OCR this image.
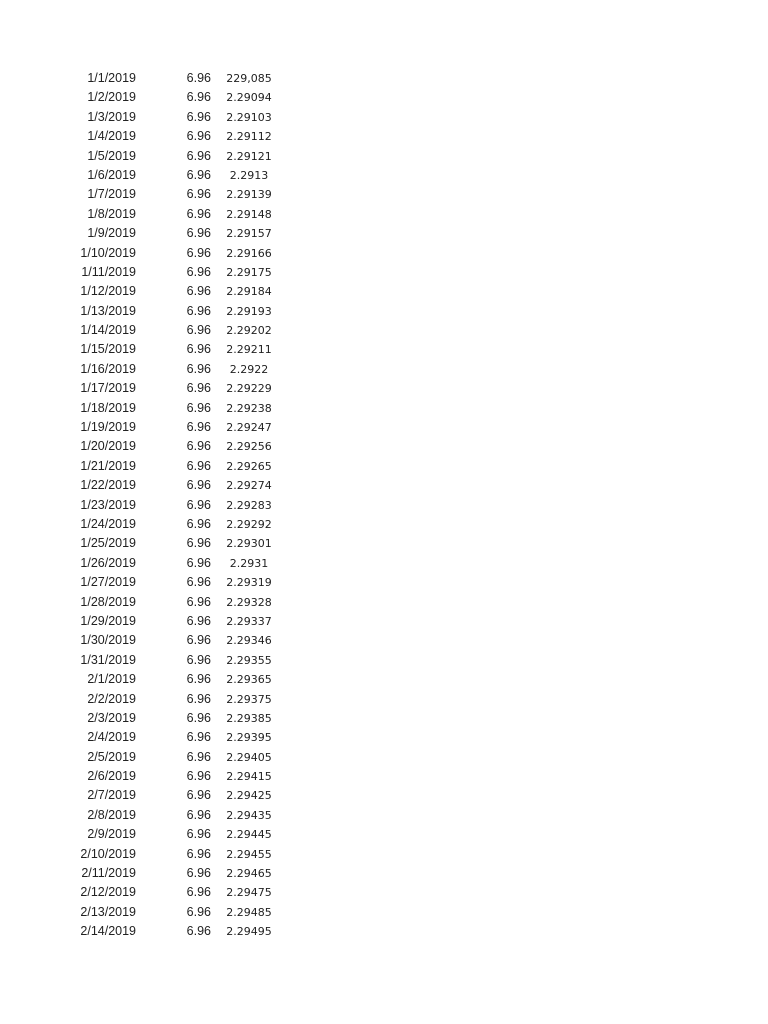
1/1/2019	6.96 229,085
1/2/2019	6.96 2.29094
1/3/2019	6.96 2.29103
1/4/2019	6.96 2.29112
1/5/2019	6.96 2.29121
1/6/2019	6.96 2.2913
1/7/2019	6.96 2.29139
1/8/2019	6.96 2.29148
1/9/2019	6.96 2.29157
1/10/2019	6.96 2.29166
1/11/2019	6.96 2.29175
1/12/2019	6.96 2.29184
1/13/2019	6.96 2.29193
1/14/2019	6.96 2.29202
1/15/2019	6.96 2.29211
1/16/2019	6.96 2.2922
1/17/2019	6.96 2.29229
1/18/2019	6.96 2.29238
1/19/2019	6.96 2.29247
1/20/2019	6.96 2.29256
1/21/2019	6.96 2.29265
1/22/2019	6.96 2.29274
1/23/2019	6.96 2.29283
1/24/2019	6.96 2.29292
1/25/2019	6.96 2.29301
1/26/2019	6.96 2.2931
1/27/2019	6.96 2.29319
1/28/2019	6.96 2.29328
1/29/2019	6.96 2.29337
1/30/2019	6.96 2.29346
1/31/2019	6.96 2.29355
2/1/2019	6.96 2.29365
2/2/2019	6.96 2.29375
2/3/2019	6.96 2.29385
2/4/2019	6.96 2.29395
2/5/2019	6.96 2.29405
2/6/2019	6.96 2.29415
2/7/2019	6.96 2.29425
2/8/2019	6.96 2.29435
2/9/2019	6.96 2.29445
2/10/2019	6.96 2.29455
2/11/2019	6.96 2.29465
2/12/2019	6.96 2.29475
2/13/2019	6.96 2.29485
2/14/2019	6.96 2.29495
